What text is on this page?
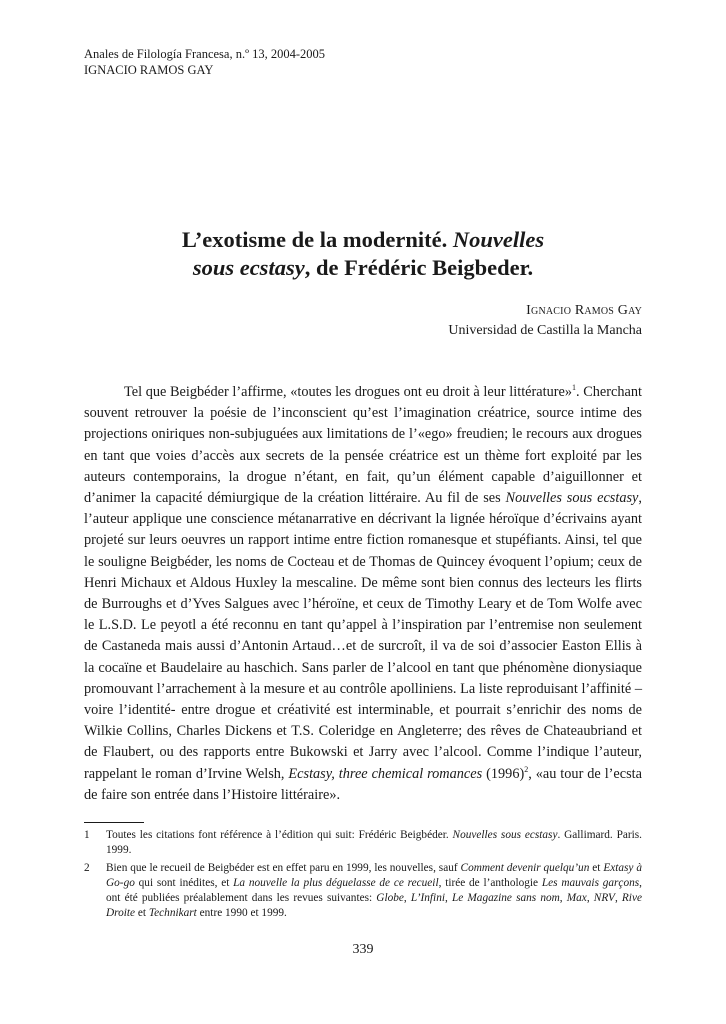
Anales de Filología Francesa, n.º 13, 2004-2005
IGNACIO RAMOS GAY
L’exotisme de la modernité. Nouvelles
sous ecstasy, de Frédéric Beigbeder.
Ignacio Ramos Gay
Universidad de Castilla la Mancha

Tel que Beigbéder l’affirme, «toutes les drogues ont eu droit à leur littérature»$^1$. Cherchant souvent retrouver la poésie de l’inconscient qu’est l’imagination créatrice, source intime des projections oniriques non-subjuguées aux limitations de l’«ego» freudien; le recours aux drogues en tant que voies d’accès aux secrets de la pensée créatrice est un thème fort exploité par les auteurs contemporains, la drogue n’étant, en fait, qu’un élément capable d’aiguillonner et d’animer la capacité démiurgique de la création littéraire. Au fil de ses Nouvelles sous ecstasy, l’auteur applique une conscience métanarrative en décrivant la lignée héroïque d’écrivains ayant projeté sur leurs oeuvres un rapport intime entre fiction romanesque et stupéfiants. Ainsi, tel que le souligne Beigbéder, les noms de Cocteau et de Thomas de Quincey évoquent l’opium; ceux de Henri Michaux et Aldous Huxley la mescaline. De même sont bien connus des lecteurs les flirts de Burroughs et d’Yves Salgues avec l’héroïne, et ceux de Timothy Leary et de Tom Wolfe avec le L.S.D. Le peyotl a été reconnu en tant qu’appel à l’inspiration par l’entremise non seulement de Castaneda mais aussi d’Antonin Artaud…et de surcroît, il va de soi d’associer Easton Ellis à la cocaïne et Baudelaire au haschich. Sans parler de l’alcool en tant que phénomène dionysiaque promouvant l’arrachement à la mesure et au contrôle apolliniens. La liste reproduisant l’affinité –voire l’identité- entre drogue et créativité est interminable, et pourrait s’enrichir des noms de Wilkie Collins, Charles Dickens et T.S. Coleridge en Angleterre; des rêves de Chateaubriand et de Flaubert, ou des rapports entre Bukowski et Jarry avec l’alcool. Comme l’indique l’auteur, rappelant le roman d’Irvine Welsh, Ecstasy, three chemical romances $(1996)^2$, «au tour de l’ecsta de faire son entrée dans l’Histoire littéraire».

1	Toutes les citations font référence à l’édition qui suit: Frédéric Beigbéder. Nouvelles sous ecstasy. Gallimard. Paris. 1999.
2	Bien que le recueil de Beigbéder est en effet paru en 1999, les nouvelles, sauf Comment devenir quelqu’un et Extasy à Go-go qui sont inédites, et La nouvelle la plus déguelasse de ce recueil, tirée de l’anthologie Les mauvais garçons, ont été publiées préalablement dans les revues suivantes: Globe, L’Infini, Le Magazine sans nom, Max, NRV, Rive Droite et Technikart entre 1990 et 1999.
339
